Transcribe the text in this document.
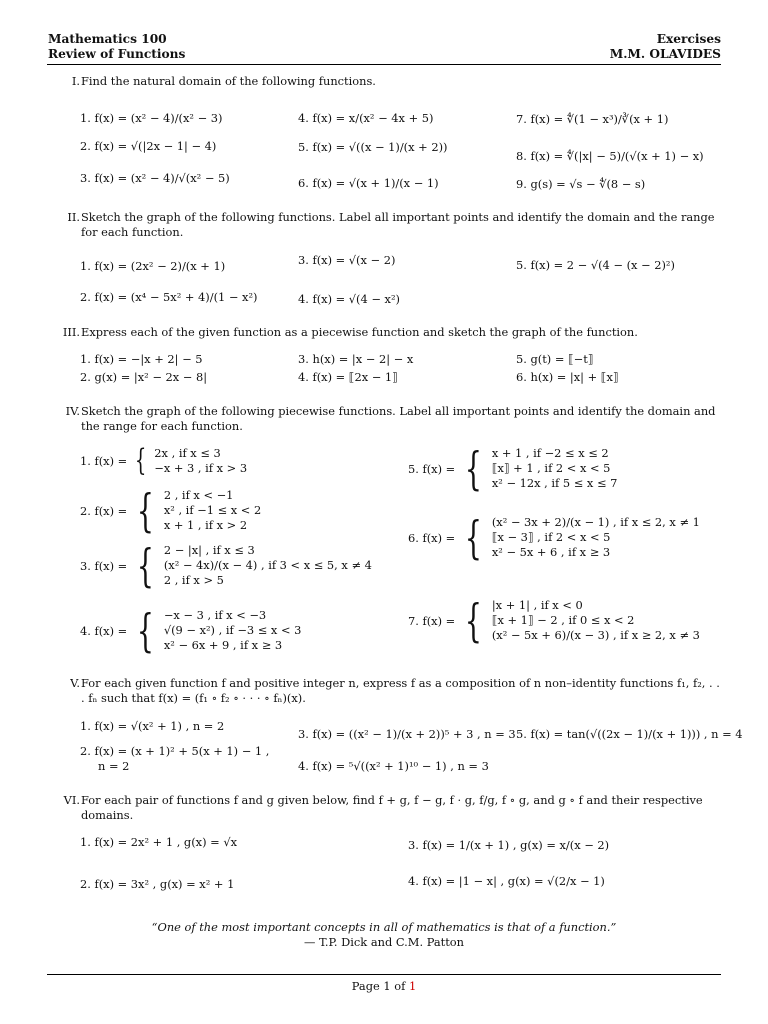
Mathematics 100
Review of Functions
Exercises
M.M. OLAVIDES
I. Find the natural domain of the following functions.
1. f(x) = (x² − 4)/(x² − 3)
2. f(x) = √(|2x − 1| − 4)
3. f(x) = (x² − 4)/√(x² − 5)
4. f(x) = x/(x² − 4x + 5)
5. f(x) = √((x − 1)/(x + 2))
6. f(x) = √(x + 1)/(x − 1)
7. f(x) = ∜(1 − x³)/∛(x + 1)
8. f(x) = ∜(|x| − 5)/(√(x + 1) − x)
9. g(s) = √s − ∜(8 − s)
II. Sketch the graph of the following functions. Label all important points and identify the domain and the range for each function.
1. f(x) = (2x² − 2)/(x + 1)
2. f(x) = (x⁴ − 5x² + 4)/(1 − x²)
3. f(x) = √(x − 2)
4. f(x) = √(4 − x²)
5. f(x) = 2 − √(4 − (x − 2)²)
III. Express each of the given function as a piecewise function and sketch the graph of the function.
1. f(x) = −|x + 2| − 5
2. g(x) = |x² − 2x − 8|
3. h(x) = |x − 2| − x
4. f(x) = ⟦2x − 1⟧
5. g(t) = ⟦−t⟧
6. h(x) = |x| + ⟦x⟧
IV. Sketch the graph of the following piecewise functions. Label all important points and identify the domain and the range for each function.
1. f(x) = { 2x , if x ≤ 3
−x + 3 , if x > 3
2. f(x) = { 2 , if x < −1
x² , if −1 ≤ x < 2
x + 1 , if x > 2
3. f(x) = { 2 − |x| , if x ≤ 3
(x² − 4x)/(x − 4) , if 3 < x ≤ 5, x ≠ 4
2 , if x > 5
4. f(x) = { −x − 3 , if x < −3
√(9 − x²) , if −3 ≤ x < 3
x² − 6x + 9 , if x ≥ 3
5. f(x) = { x + 1 , if −2 ≤ x ≤ 2
⟦x⟧ + 1 , if 2 < x < 5
x² − 12x , if 5 ≤ x ≤ 7
6. f(x) = { (x² − 3x + 2)/(x − 1) , if x ≤ 2, x ≠ 1
⟦x − 3⟧ , if 2 < x < 5
x² − 5x + 6 , if x ≥ 3
7. f(x) = { |x + 1| , if x < 0
⟦x + 1⟧ − 2 , if 0 ≤ x < 2
(x² − 5x + 6)/(x − 3) , if x ≥ 2, x ≠ 3
V. For each given function f and positive integer n, express f as a composition of n non–identity functions f₁, f₂, . . . fₙ such that f(x) = (f₁ ∘ f₂ ∘ · · · ∘ fₙ)(x).
1. f(x) = √(x² + 1) , n = 2
2. f(x) = (x + 1)² + 5(x + 1) − 1 ,
n = 2
3. f(x) = ((x² − 1)/(x + 2))⁵ + 3 , n = 3
4. f(x) = ⁵√((x² + 1)¹⁰ − 1) , n = 3
5. f(x) = tan(√((2x − 1)/(x + 1))) , n = 4
VI. For each pair of functions f and g given below, find f + g, f − g, f · g, f/g, f ∘ g, and g ∘ f and their respective domains.
1. f(x) = 2x² + 1 , g(x) = √x
2. f(x) = 3x² , g(x) = x² + 1
3. f(x) = 1/(x + 1) , g(x) = x/(x − 2)
4. f(x) = |1 − x| , g(x) = √(2/x − 1)
“One of the most important concepts in all of mathematics is that of a function.”
— T.P. Dick and C.M. Patton
Page 1 of 1
